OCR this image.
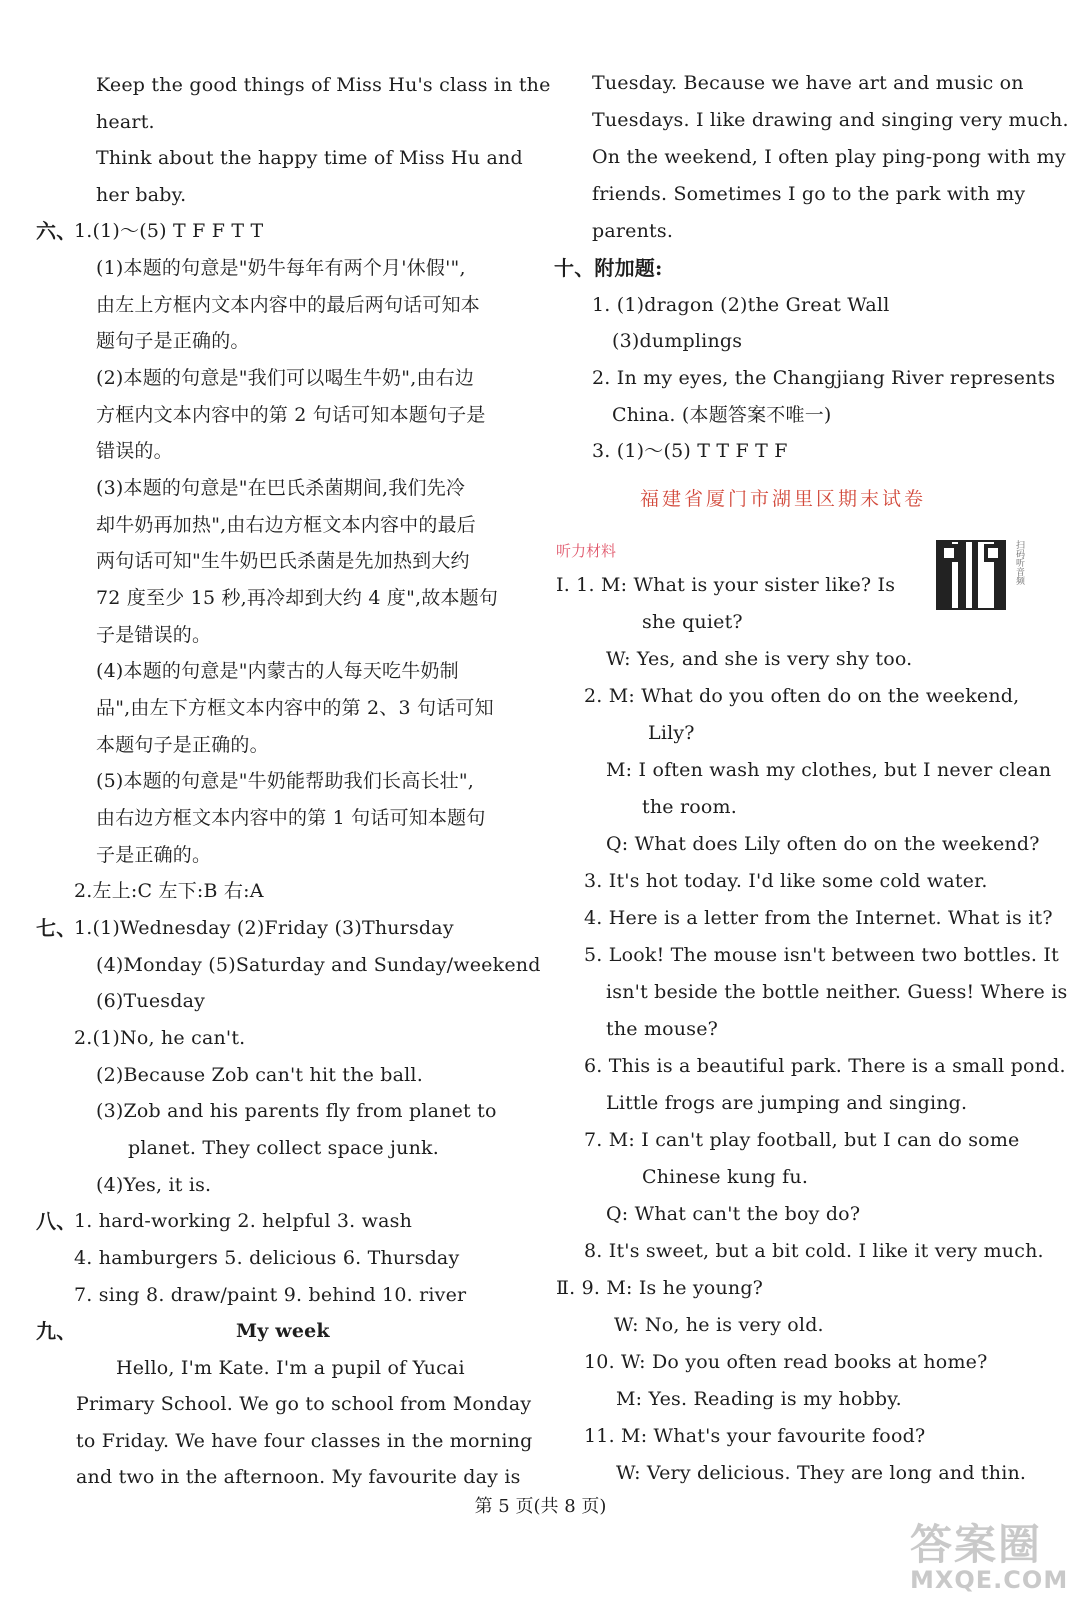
Keep the good things of Miss Hu's class in the
heart.
Think about the happy time of Miss Hu and
her baby.
六、
1.(1)～(5) T F F T T
(1)本题的句意是"奶牛每年有两个月'休假'",
由左上方框内文本内容中的最后两句话可知本
题句子是正确的。
(2)本题的句意是"我们可以喝生牛奶",由右边
方框内文本内容中的第 2 句话可知本题句子是
错误的。
(3)本题的句意是"在巴氏杀菌期间,我们先冷
却牛奶再加热",由右边方框文本内容中的最后
两句话可知"生牛奶巴氏杀菌是先加热到大约
72 度至少 15 秒,再冷却到大约 4 度",故本题句
子是错误的。
(4)本题的句意是"内蒙古的人每天吃牛奶制
品",由左下方框文本内容中的第 2、3 句话可知
本题句子是正确的。
(5)本题的句意是"牛奶能帮助我们长高长壮",
由右边方框文本内容中的第 1 句话可知本题句
子是正确的。
2.左上:C 左下:B 右:A
七、
1.(1)Wednesday (2)Friday (3)Thursday
(4)Monday (5)Saturday and Sunday/weekend
(6)Tuesday
2.(1)No, he can't.
(2)Because Zob can't hit the ball.
(3)Zob and his parents fly from planet to
planet. They collect space junk.
(4)Yes, it is.
八、
1. hard-working 2. helpful 3. wash
4. hamburgers 5. delicious 6. Thursday
7. sing 8. draw/paint 9. behind 10. river
九、	My week
Hello, I'm Kate. I'm a pupil of Yucai
Primary School. We go to school from Monday
to Friday. We have four classes in the morning
and two in the afternoon. My favourite day is
Tuesday. Because we have art and music on
Tuesdays. I like drawing and singing very much.
On the weekend, I often play ping-pong with my
friends. Sometimes I go to the park with my
parents.
十、附加题:
1. (1)dragon (2)the Great Wall
(3)dumplings
2. In my eyes, the Changjiang River represents
China. (本题答案不唯一)
3. (1)～(5) T T F T F
福建省厦门市湖里区期末试卷
听力材料	扫码听音频
Ⅰ. 1. M: What is your sister like? Is
she quiet?
W: Yes, and she is very shy too.
2. M: What do you often do on the weekend,
Lily?
M: I often wash my clothes, but I never clean
the room.
Q: What does Lily often do on the weekend?
3. It's hot today. I'd like some cold water.
4. Here is a letter from the Internet. What is it?
5. Look! The mouse isn't between two bottles. It
isn't beside the bottle neither. Guess! Where is
the mouse?
6. This is a beautiful park. There is a small pond.
Little frogs are jumping and singing.
7. M: I can't play football, but I can do some
Chinese kung fu.
Q: What can't the boy do?
8. It's sweet, but a bit cold. I like it very much.
Ⅱ. 9. M: Is he young?
W: No, he is very old.
10. W: Do you often read books at home?
M: Yes. Reading is my hobby.
11. M: What's your favourite food?
W: Very delicious. They are long and thin.
第 5 页(共 8 页)
答案圈
MXQE.COM
